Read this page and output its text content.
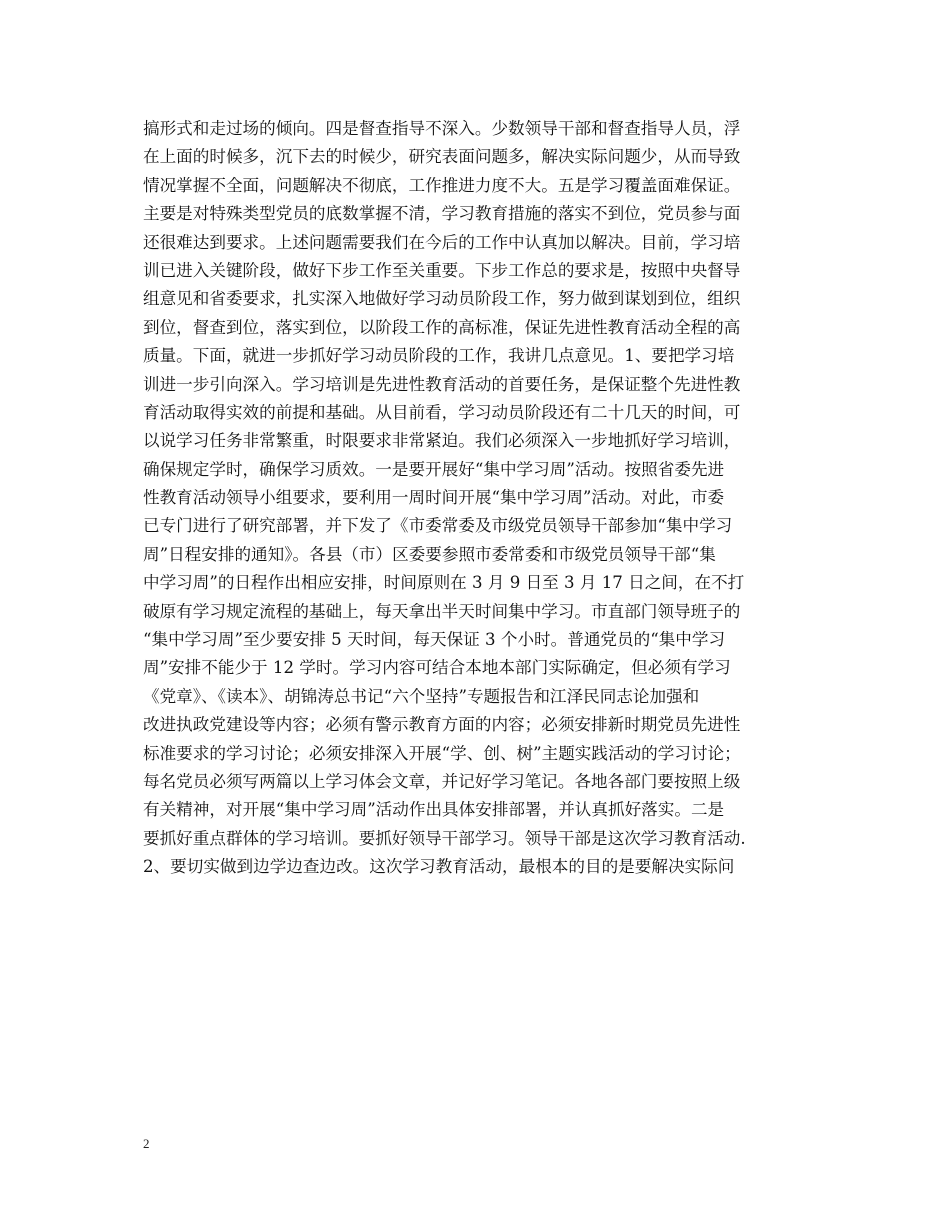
搞形式和走过场的倾向。四是督查指导不深入。少数领导干部和督查指导人员，浮
在上面的时候多，沉下去的时候少，研究表面问题多，解决实际问题少，从而导致
情况掌握不全面，问题解决不彻底，工作推进力度不大。五是学习覆盖面难保证。
主要是对特殊类型党员的底数掌握不清，学习教育措施的落实不到位，党员参与面
还很难达到要求。上述问题需要我们在今后的工作中认真加以解决。目前，学习培
训已进入关键阶段，做好下步工作至关重要。下步工作总的要求是，按照中央督导
组意见和省委要求，扎实深入地做好学习动员阶段工作，努力做到谋划到位，组织
到位，督查到位，落实到位，以阶段工作的高标准，保证先进性教育活动全程的高
质量。下面，就进一步抓好学习动员阶段的工作，我讲几点意见。1、要把学习培
训进一步引向深入。学习培训是先进性教育活动的首要任务，是保证整个先进性教
育活动取得实效的前提和基础。从目前看，学习动员阶段还有二十几天的时间，可
以说学习任务非常繁重，时限要求非常紧迫。我们必须深入一步地抓好学习培训，
确保规定学时，确保学习质效。一是要开展好“集中学习周”活动。按照省委先进
性教育活动领导小组要求，要利用一周时间开展“集中学习周”活动。对此，市委
已专门进行了研究部署，并下发了《市委常委及市级党员领导干部参加“集中学习
周”日程安排的通知》。各县（市）区委要参照市委常委和市级党员领导干部“集
中学习周”的日程作出相应安排，时间原则在 3 月 9 日至 3 月 17 日之间，在不打
破原有学习规定流程的基础上，每天拿出半天时间集中学习。市直部门领导班子的
“集中学习周”至少要安排 5 天时间，每天保证 3 个小时。普通党员的“集中学习
周”安排不能少于 12 学时。学习内容可结合本地本部门实际确定，但必须有学习
《党章》、《读本》、胡锦涛总书记“六个坚持”专题报告和江泽民同志论加强和
改进执政党建设等内容；必须有警示教育方面的内容；必须安排新时期党员先进性
标准要求的学习讨论；必须安排深入开展“学、创、树”主题实践活动的学习讨论；
每名党员必须写两篇以上学习体会文章，并记好学习笔记。各地各部门要按照上级
有关精神，对开展“集中学习周”活动作出具体安排部署，并认真抓好落实。二是
要抓好重点群体的学习培训。要抓好领导干部学习。领导干部是这次学习教育活动.
2、要切实做到边学边查边改。这次学习教育活动，最根本的目的是要解决实际问
2
